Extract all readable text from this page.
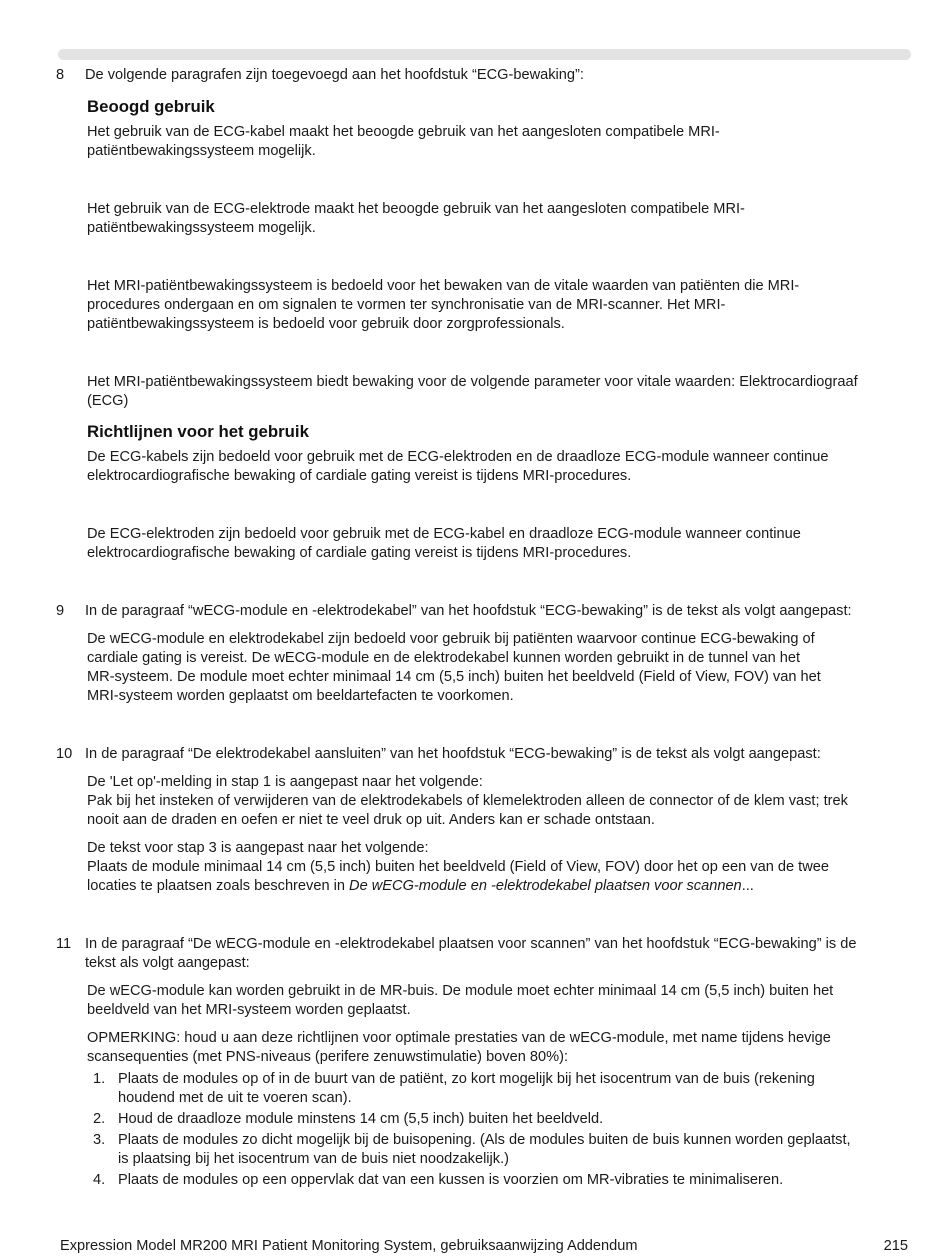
8 De volgende paragrafen zijn toegevoegd aan het hoofdstuk “ECG-bewaking”:

Beoogd gebruik

Het gebruik van de ECG-kabel maakt het beoogde gebruik van het aangesloten compatibele MRI-
patiëntbewakingssysteem mogelijk.

Het gebruik van de ECG-elektrode maakt het beoogde gebruik van het aangesloten compatibele MRI-
patiëntbewakingssysteem mogelijk.

Het MRI-patiëntbewakingssysteem is bedoeld voor het bewaken van de vitale waarden van patiënten die MRI-
procedures ondergaan en om signalen te vormen ter synchronisatie van de MRI-scanner. Het MRI-
patiëntbewakingssysteem is bedoeld voor gebruik door zorgprofessionals.

Het MRI-patiëntbewakingssysteem biedt bewaking voor de volgende parameter voor vitale waarden: Elektrocardiograaf
(ECG)

Richtlijnen voor het gebruik

De ECG-kabels zijn bedoeld voor gebruik met de ECG-elektroden en de draadloze ECG-module wanneer continue
elektrocardiografische bewaking of cardiale gating vereist is tijdens MRI-procedures.

De ECG-elektroden zijn bedoeld voor gebruik met de ECG-kabel en draadloze ECG-module wanneer continue
elektrocardiografische bewaking of cardiale gating vereist is tijdens MRI-procedures.

9 In de paragraaf “wECG-module en -elektrodekabel” van het hoofdstuk “ECG-bewaking” is de tekst als volgt aangepast:

De wECG-module en elektrodekabel zijn bedoeld voor gebruik bij patiënten waarvoor continue ECG-bewaking of
cardiale gating is vereist. De wECG-module en de elektrodekabel kunnen worden gebruikt in de tunnel van het
MR-systeem. De module moet echter minimaal 14 cm (5,5 inch) buiten het beeldveld (Field of View, FOV) van het
MRI-systeem worden geplaatst om beeldartefacten te voorkomen.

10 In de paragraaf “De elektrodekabel aansluiten” van het hoofdstuk “ECG-bewaking” is de tekst als volgt aangepast:

De 'Let op'-melding in stap 1 is aangepast naar het volgende:
Pak bij het insteken of verwijderen van de elektrodekabels of klemelektroden alleen de connector of de klem vast; trek
nooit aan de draden en oefen er niet te veel druk op uit. Anders kan er schade ontstaan.

De tekst voor stap 3 is aangepast naar het volgende:
Plaats de module minimaal 14 cm (5,5 inch) buiten het beeldveld (Field of View, FOV) door het op een van de twee
locaties te plaatsen zoals beschreven in De wECG-module en -elektrodekabel plaatsen voor scannen...

11 In de paragraaf “De wECG-module en -elektrodekabel plaatsen voor scannen” van het hoofdstuk “ECG-bewaking” is de
tekst als volgt aangepast:

De wECG-module kan worden gebruikt in de MR-buis. De module moet echter minimaal 14 cm (5,5 inch) buiten het
beeldveld van het MRI-systeem worden geplaatst.

OPMERKING: houd u aan deze richtlijnen voor optimale prestaties van de wECG-module, met name tijdens hevige
scansequenties (met PNS-niveaus (perifere zenuwstimulatie) boven 80%):

1. Plaats de modules op of in de buurt van de patiënt, zo kort mogelijk bij het isocentrum van de buis (rekening
houdend met de uit te voeren scan).
2. Houd de draadloze module minstens 14 cm (5,5 inch) buiten het beeldveld.
3. Plaats de modules zo dicht mogelijk bij de buisopening. (Als de modules buiten de buis kunnen worden geplaatst,
is plaatsing bij het isocentrum van de buis niet noodzakelijk.)
4. Plaats de modules op een oppervlak dat van een kussen is voorzien om MR-vibraties te minimaliseren.
Expression Model MR200 MRI Patient Monitoring System, gebruiksaanwijzing Addendum	215
